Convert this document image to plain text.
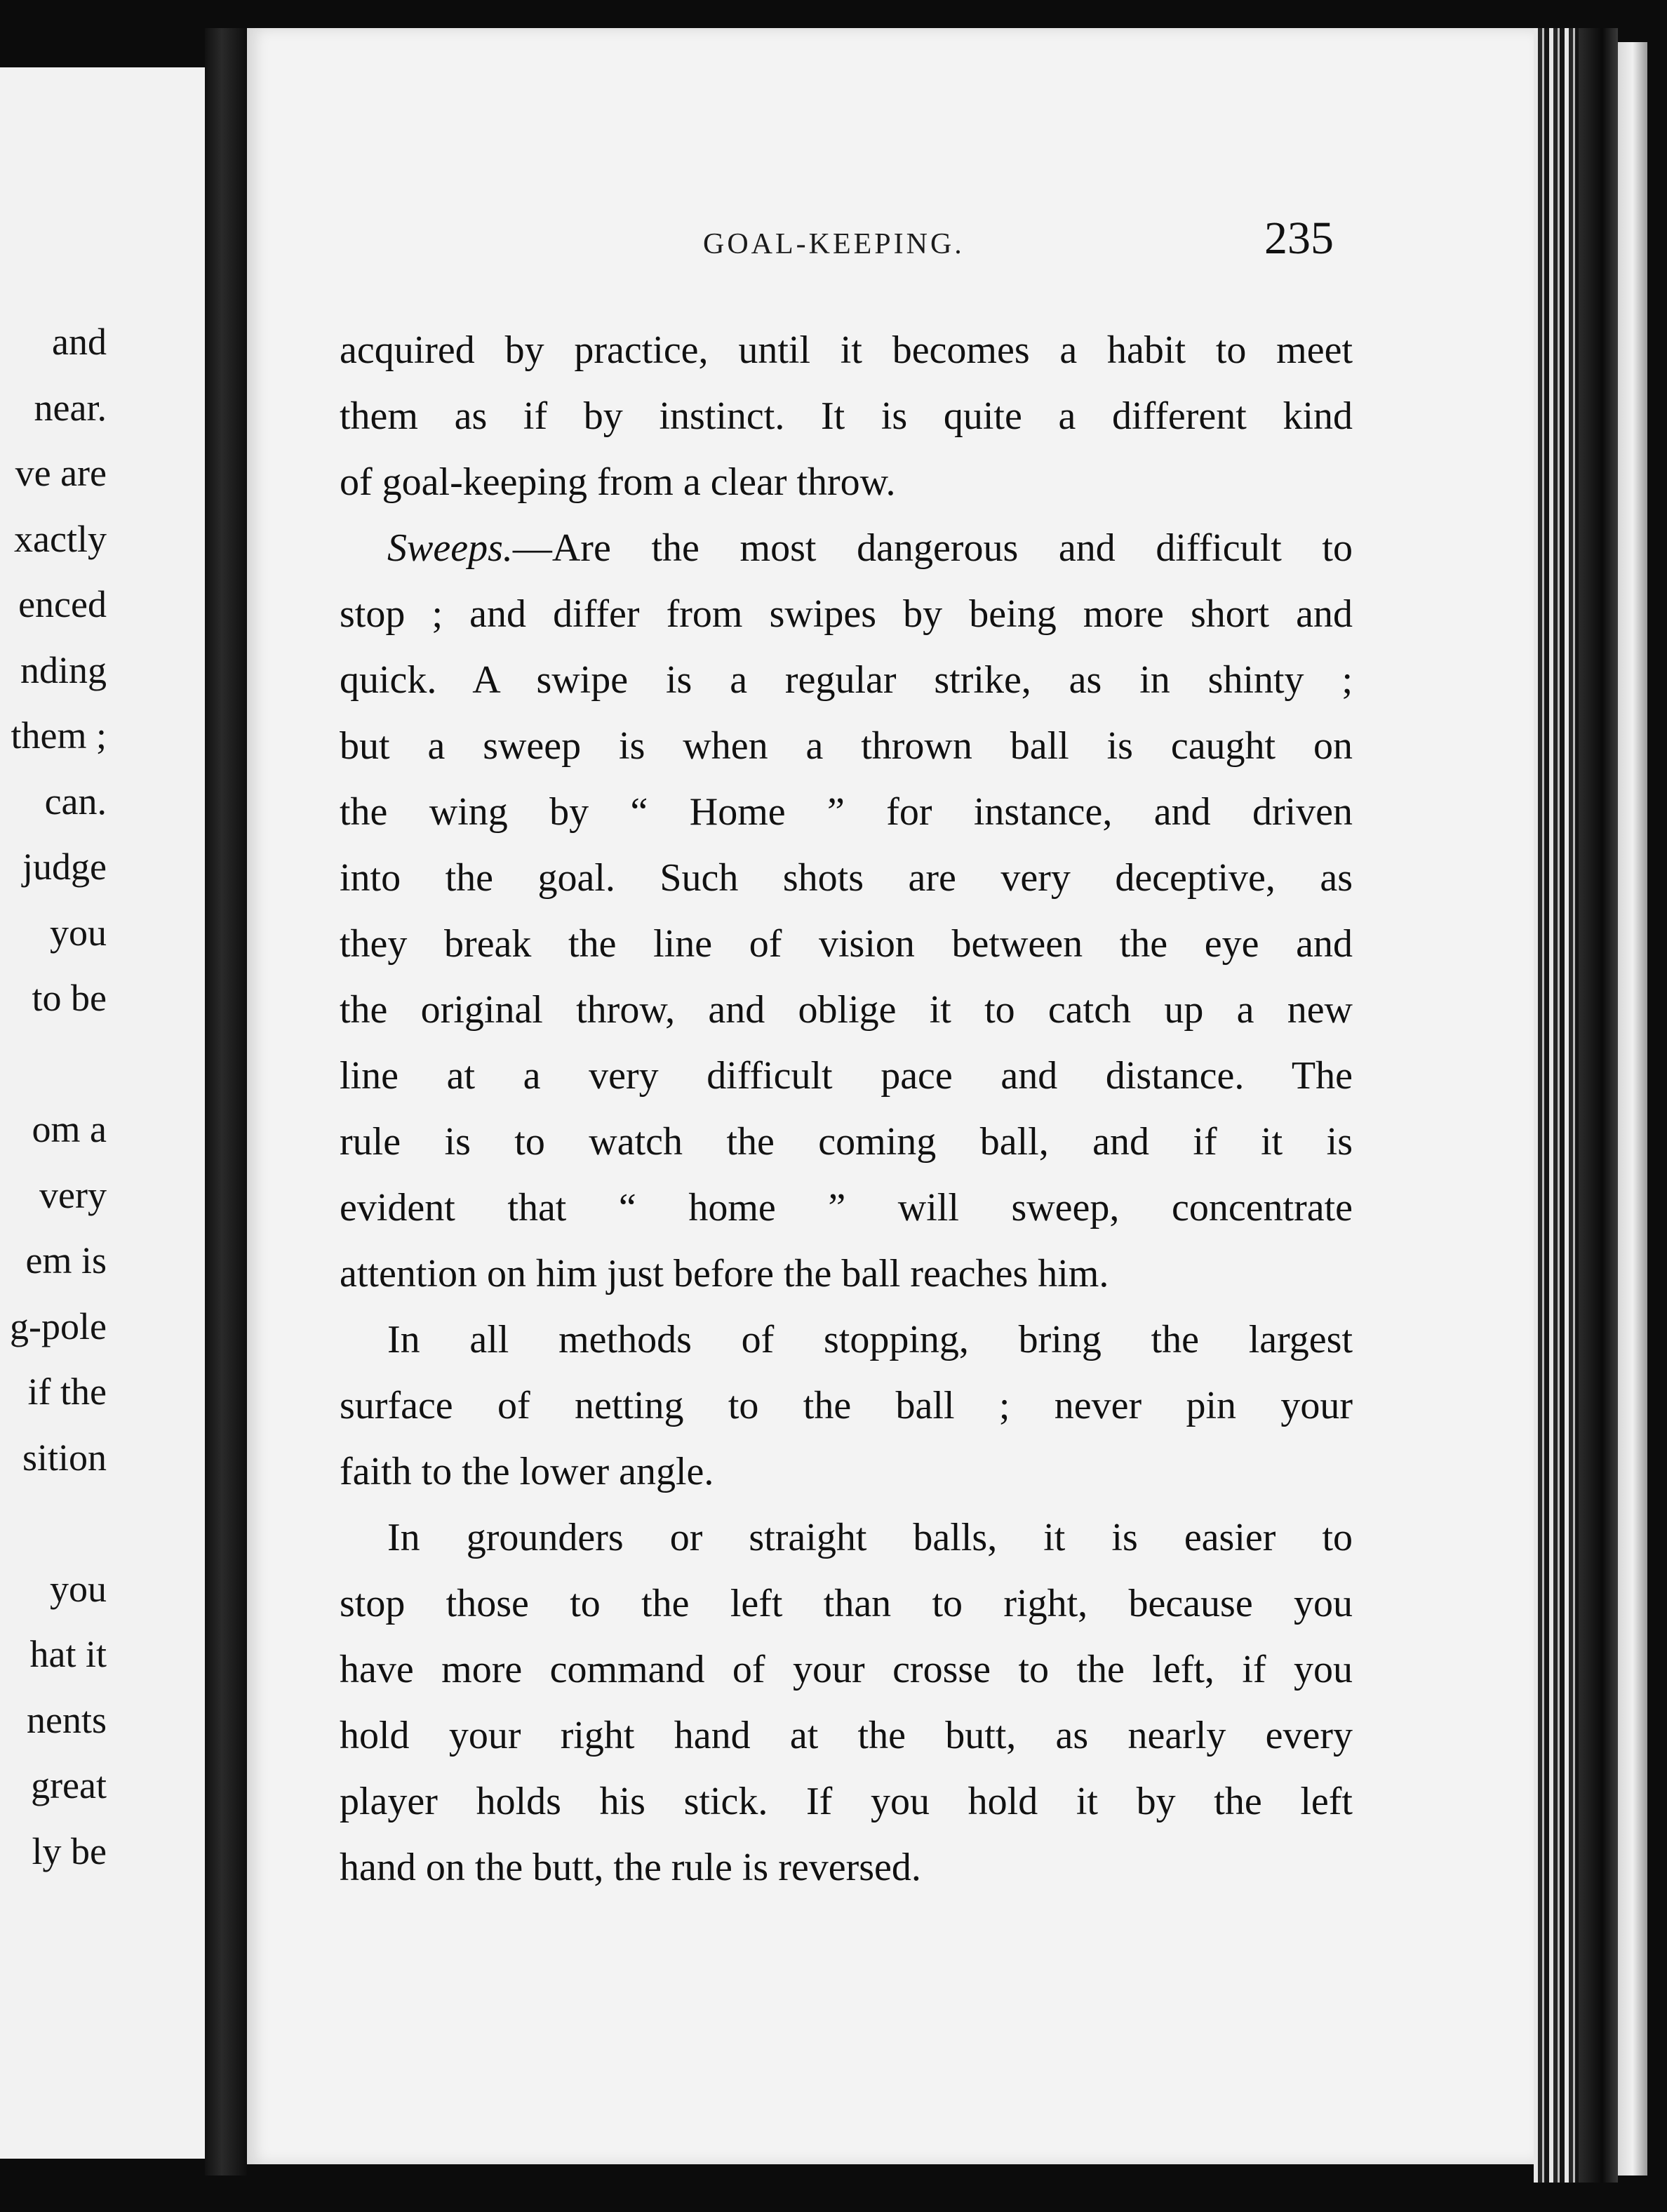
and
near.
ve are
xactly
enced
nding
them ;
can.
judge
you
to be
om a
very
em is
g-pole
if the
sition
you
hat it
nents
great
ly be
GOAL-KEEPING.	235
acquired by practice, until it becomes a habit to meet
them as if by instinct. It is quite a different kind
of goal-keeping from a clear throw.
Sweeps.—Are the most dangerous and difficult to
stop ; and differ from swipes by being more short and
quick. A swipe is a regular strike, as in shinty ;
but a sweep is when a thrown ball is caught on
the wing by “ Home ” for instance, and driven
into the goal. Such shots are very deceptive, as
they break the line of vision between the eye and
the original throw, and oblige it to catch up a new
line at a very difficult pace and distance. The
rule is to watch the coming ball, and if it is
evident that “ home ” will sweep, concentrate
attention on him just before the ball reaches him.
In all methods of stopping, bring the largest
surface of netting to the ball ; never pin your
faith to the lower angle.
In grounders or straight balls, it is easier to
stop those to the left than to right, because you
have more command of your crosse to the left, if you
hold your right hand at the butt, as nearly every
player holds his stick. If you hold it by the left
hand on the butt, the rule is reversed.
